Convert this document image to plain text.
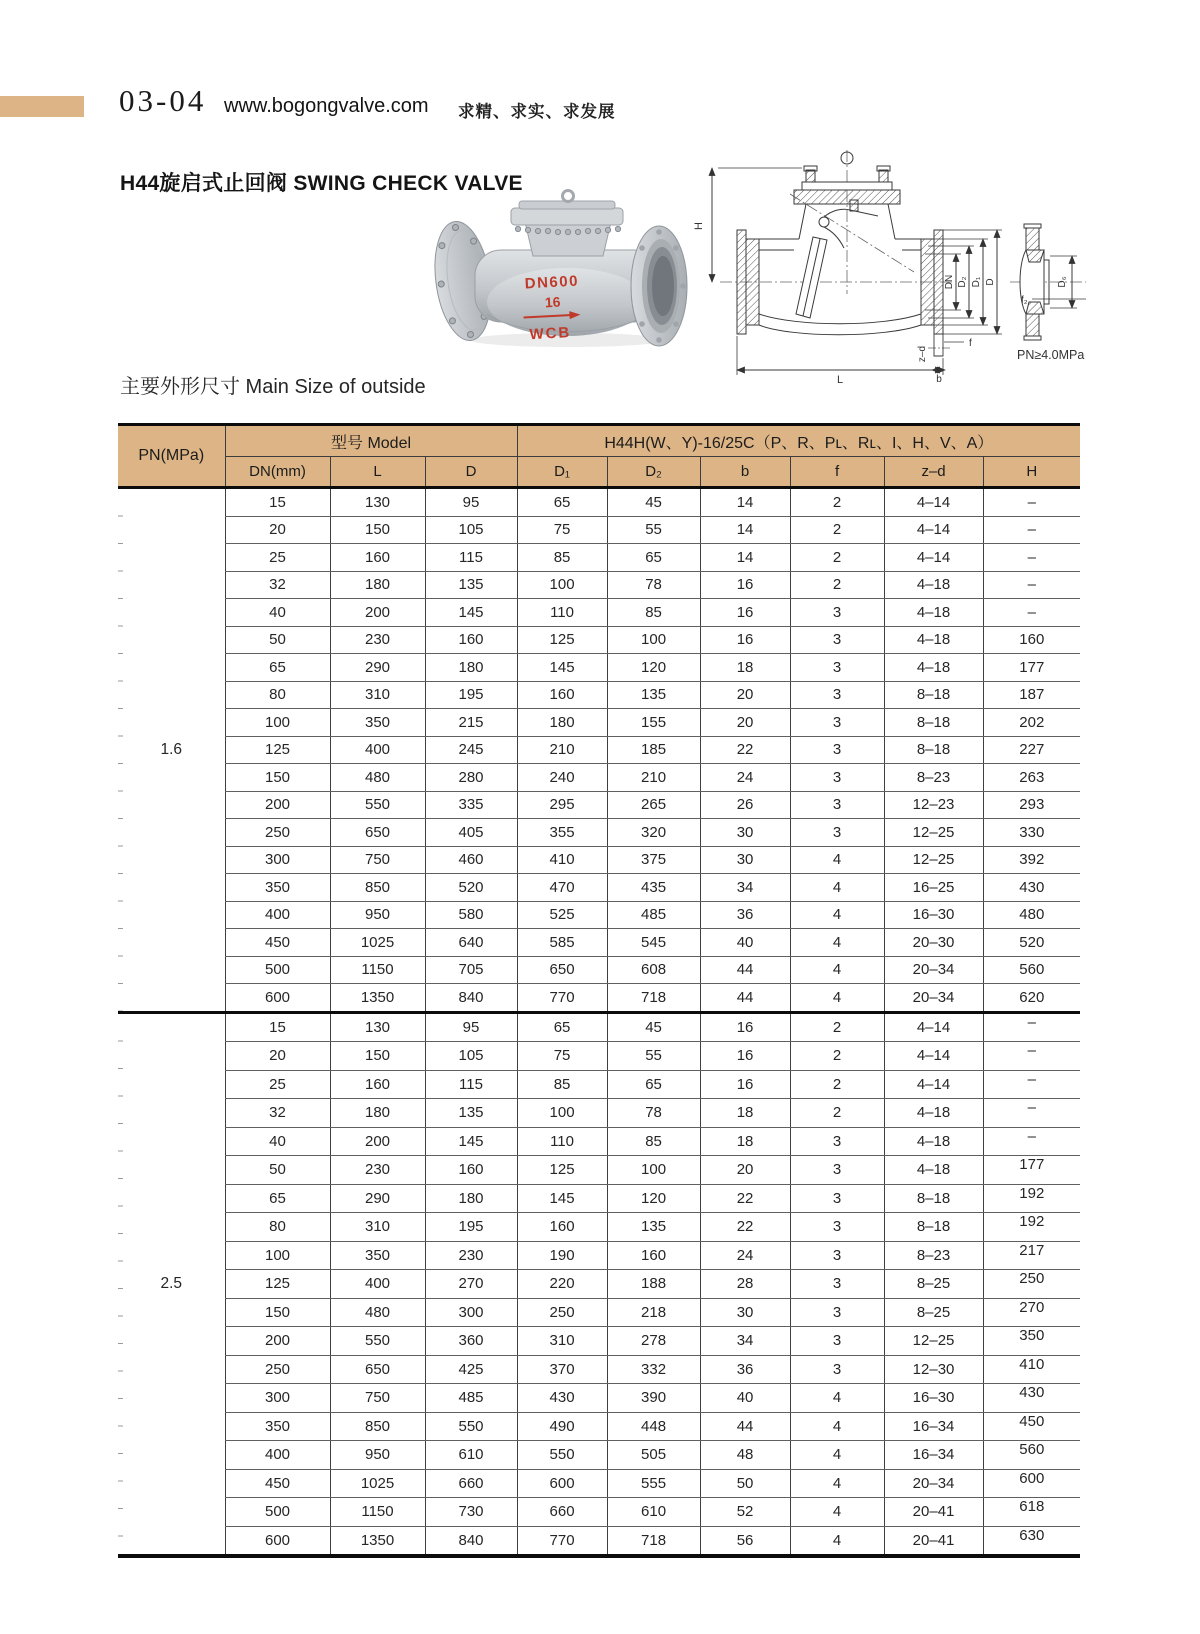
03-04 www.bogongvalve.com 求精、求实、求发展
H44旋启式止回阀 SWING CHECK VALVE
DN600
16
WCB
H
DN D₂ D₁ D
z–d
b
f
L
D₆
f₂
PN≥4.0MPa
主要外形尺寸 Main Size of outside
PN(MPa)	型号 Model			H44H(W、Y)-16/25C（P、R、Pʟ、Rʟ、I、H、V、A）					
	DN(mm)	L	D	D₁	D₂	b	f	z–d	H
1.6	15	130	95	65	45	14	2	4–14	–
	20	150	105	75	55	14	2	4–14	–
	25	160	115	85	65	14	2	4–14	–
	32	180	135	100	78	16	2	4–18	–
	40	200	145	110	85	16	3	4–18	–
	50	230	160	125	100	16	3	4–18	160
	65	290	180	145	120	18	3	4–18	177
	80	310	195	160	135	20	3	8–18	187
	100	350	215	180	155	20	3	8–18	202
	125	400	245	210	185	22	3	8–18	227
	150	480	280	240	210	24	3	8–23	263
	200	550	335	295	265	26	3	12–23	293
	250	650	405	355	320	30	3	12–25	330
	300	750	460	410	375	30	4	12–25	392
	350	850	520	470	435	34	4	16–25	430
	400	950	580	525	485	36	4	16–30	480
	450	1025	640	585	545	40	4	20–30	520
	500	1150	705	650	608	44	4	20–34	560
	600	1350	840	770	718	44	4	20–34	620
2.5	15	130	95	65	45	16	2	4–14	–
	20	150	105	75	55	16	2	4–14	–
	25	160	115	85	65	16	2	4–14	–
	32	180	135	100	78	18	2	4–18	–
	40	200	145	110	85	18	3	4–18	–
	50	230	160	125	100	20	3	4–18	177
	65	290	180	145	120	22	3	8–18	192
	80	310	195	160	135	22	3	8–18	192
	100	350	230	190	160	24	3	8–23	217
	125	400	270	220	188	28	3	8–25	250
	150	480	300	250	218	30	3	8–25	270
	200	550	360	310	278	34	3	12–25	350
	250	650	425	370	332	36	3	12–30	410
	300	750	485	430	390	40	4	16–30	430
	350	850	550	490	448	44	4	16–34	450
	400	950	610	550	505	48	4	16–34	560
	450	1025	660	600	555	50	4	20–34	600
	500	1150	730	660	610	52	4	20–41	618
	600	1350	840	770	718	56	4	20–41	630
